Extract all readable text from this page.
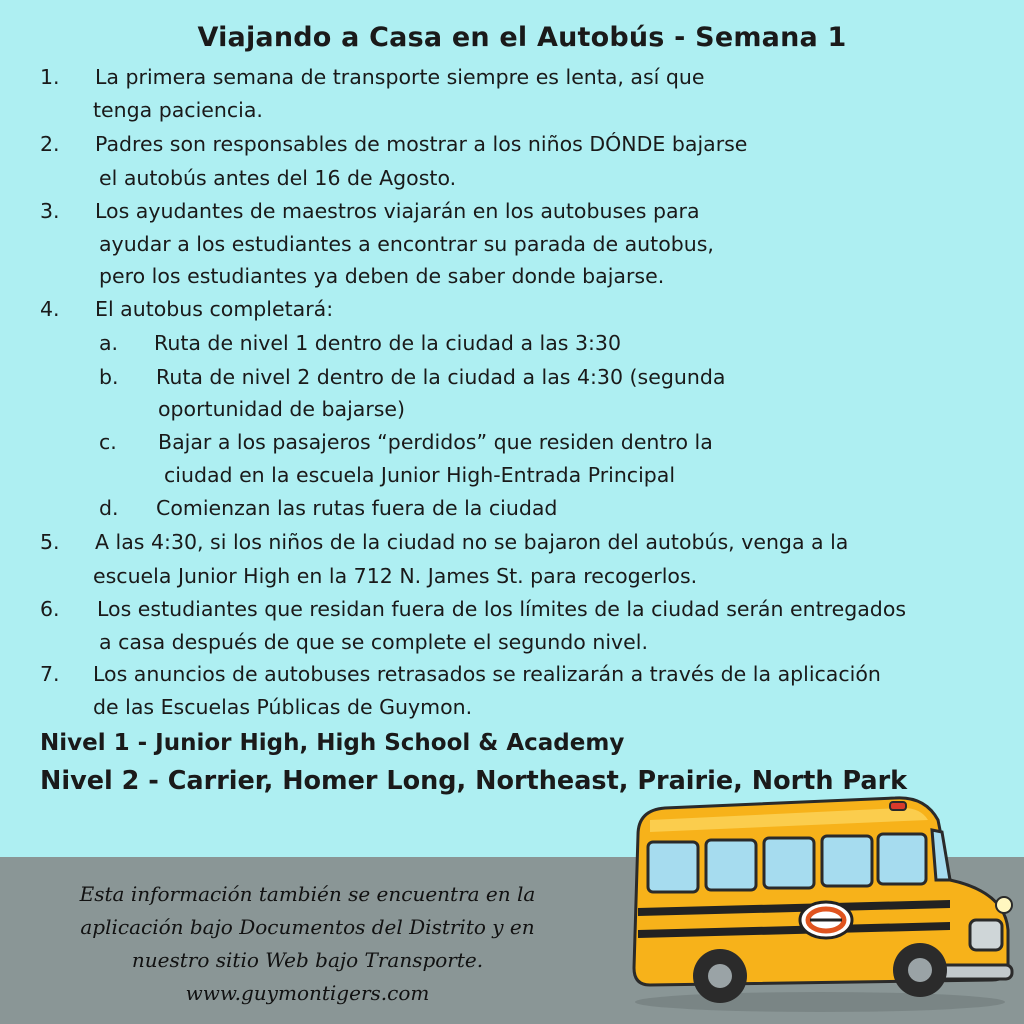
Viajando a Casa en el Autobús - Semana 1
1. La primera semana de transporte siempre es lenta, así que
tenga paciencia.
2. Padres son responsables de mostrar a los niños DÓNDE bajarse
el autobús antes del 16 de Agosto.
3. Los ayudantes de maestros viajarán en los autobuses para
ayudar a los estudiantes a encontrar su parada de autobus,
pero los estudiantes ya deben de saber donde bajarse.
4. El autobus completará:
a. Ruta de nivel 1 dentro de la ciudad a las 3:30
b. Ruta de nivel 2 dentro de la ciudad a las 4:30 (segunda
oportunidad de bajarse)
c. Bajar a los pasajeros “perdidos” que residen dentro la
ciudad en la escuela Junior High-Entrada Principal
d. Comienzan las rutas fuera de la ciudad
5. A las 4:30, si los niños de la ciudad no se bajaron del autobús, venga a la
escuela Junior High en la 712 N. James St. para recogerlos.
6. Los estudiantes que residan fuera de los límites de la ciudad serán entregados
a casa después de que se complete el segundo nivel.
7. Los anuncios de autobuses retrasados se realizarán a través de la aplicación
de las Escuelas Públicas de Guymon.
Nivel 1 - Junior High, High School & Academy
Nivel 2 - Carrier, Homer Long, Northeast, Prairie, North Park
Esta información también se encuentra en la
aplicación bajo Documentos del Distrito y en
nuestro sitio Web bajo Transporte.
www.guymontigers.com
